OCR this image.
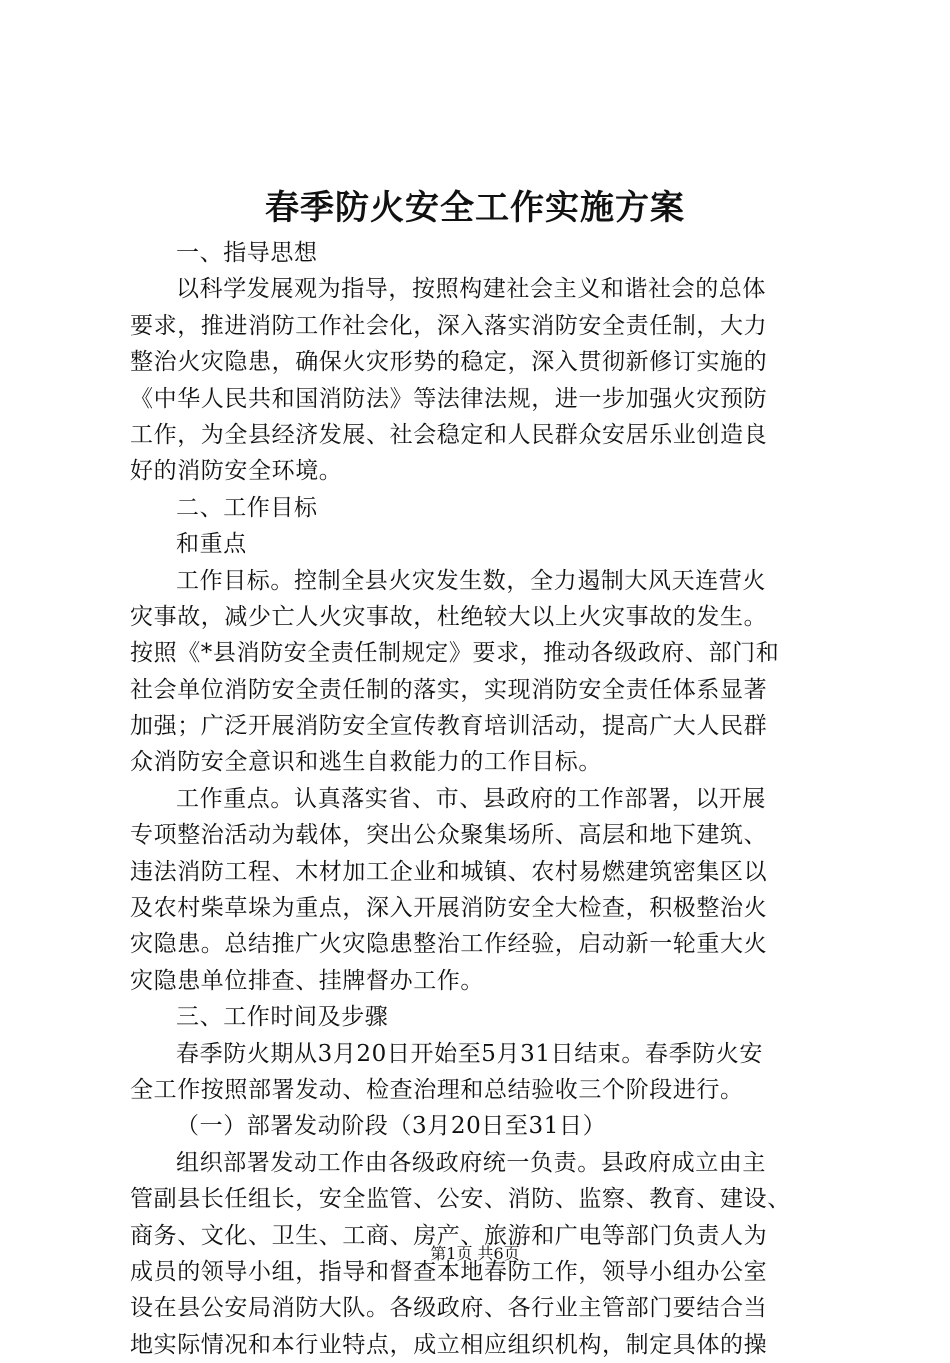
春季防火安全工作实施方案
一、指导思想
以科学发展观为指导，按照构建社会主义和谐社会的总体
要求，推进消防工作社会化，深入落实消防安全责任制，大力
整治火灾隐患，确保火灾形势的稳定，深入贯彻新修订实施的
《中华人民共和国消防法》等法律法规，进一步加强火灾预防
工作，为全县经济发展、社会稳定和人民群众安居乐业创造良
好的消防安全环境。
二、工作目标
和重点
工作目标。控制全县火灾发生数，全力遏制大风天连营火
灾事故，减少亡人火灾事故，杜绝较大以上火灾事故的发生。
按照《*县消防安全责任制规定》要求，推动各级政府、部门和
社会单位消防安全责任制的落实，实现消防安全责任体系显著
加强；广泛开展消防安全宣传教育培训活动，提高广大人民群
众消防安全意识和逃生自救能力的工作目标。
工作重点。认真落实省、市、县政府的工作部署，以开展
专项整治活动为载体，突出公众聚集场所、高层和地下建筑、
违法消防工程、木材加工企业和城镇、农村易燃建筑密集区以
及农村柴草垛为重点，深入开展消防安全大检查，积极整治火
灾隐患。总结推广火灾隐患整治工作经验，启动新一轮重大火
灾隐患单位排查、挂牌督办工作。
三、工作时间及步骤
春季防火期从3月20日开始至5月31日结束。春季防火安
全工作按照部署发动、检查治理和总结验收三个阶段进行。
（一）部署发动阶段（3月20日至31日）
组织部署发动工作由各级政府统一负责。县政府成立由主
管副县长任组长，安全监管、公安、消防、监察、教育、建设、
商务、文化、卫生、工商、房产、旅游和广电等部门负责人为
成员的领导小组，指导和督查本地春防工作，领导小组办公室
设在县公安局消防大队。各级政府、各行业主管部门要结合当
地实际情况和本行业特点，成立相应组织机构，制定具体的操
第1页 共6页
